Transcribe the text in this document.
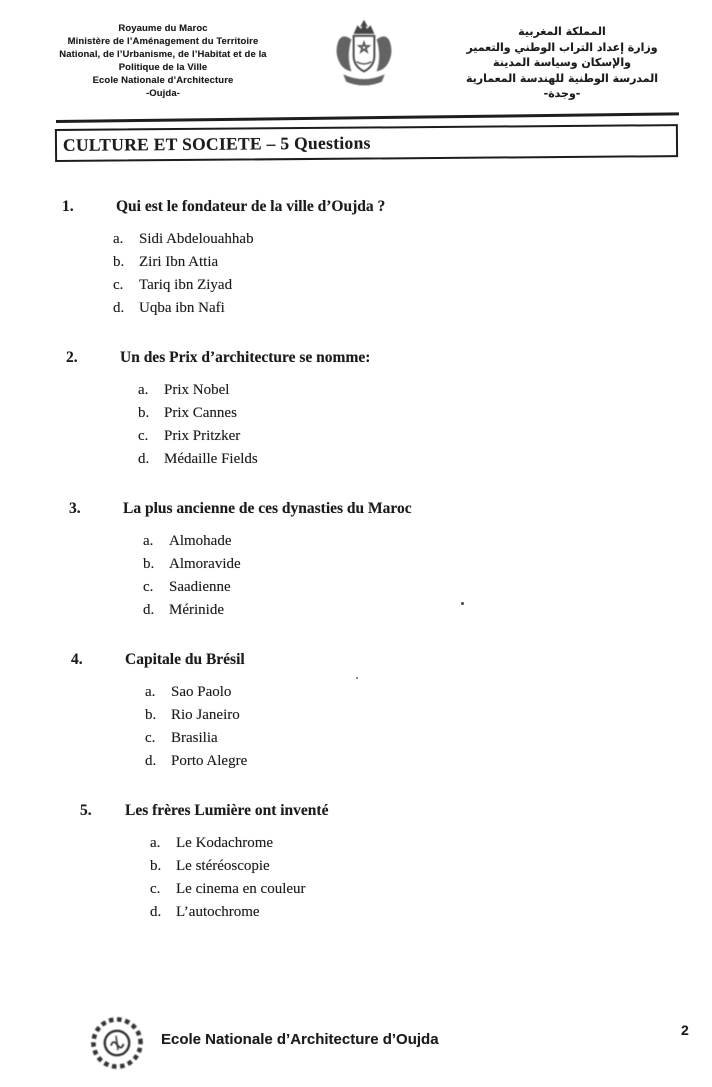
Royaume du Maroc
Ministère de l’Aménagement du Territoire
National, de l’Urbanisme, de l’Habitat et de la
Politique de la Ville
Ecole Nationale d’Architecture
-Oujda-
المملكة المغربية
وزارة إعداد التراب الوطني والتعمير
والإسكان وسياسة المدينة
المدرسة الوطنية للهندسة المعمارية
-وجدة-
CULTURE ET SOCIETE – 5 Questions
1.	Qui est le fondateur de la ville d’Oujda ?
a.	Sidi Abdelouahhab
b. Ziri Ibn Attia
c.	Tariq ibn Ziyad
d. Uqba ibn Nafi
2.	Un des Prix d’architecture se nomme:
a.	Prix Nobel
b. Prix Cannes
c.	Prix Pritzker
d. Médaille Fields
3.	La plus ancienne de ces dynasties du Maroc
a.	Almohade
b. Almoravide
c.	Saadienne
d. Mérinide
4.	Capitale du Brésil
a.	Sao Paolo
b. Rio Janeiro
c.	Brasilia
d. Porto Alegre
5.	Les frères Lumière ont inventé
a.	Le Kodachrome
b. Le stéréoscopie
c.	Le cinema en couleur
d. L’autochrome
Ecole Nationale d’Architecture d’Oujda
2
